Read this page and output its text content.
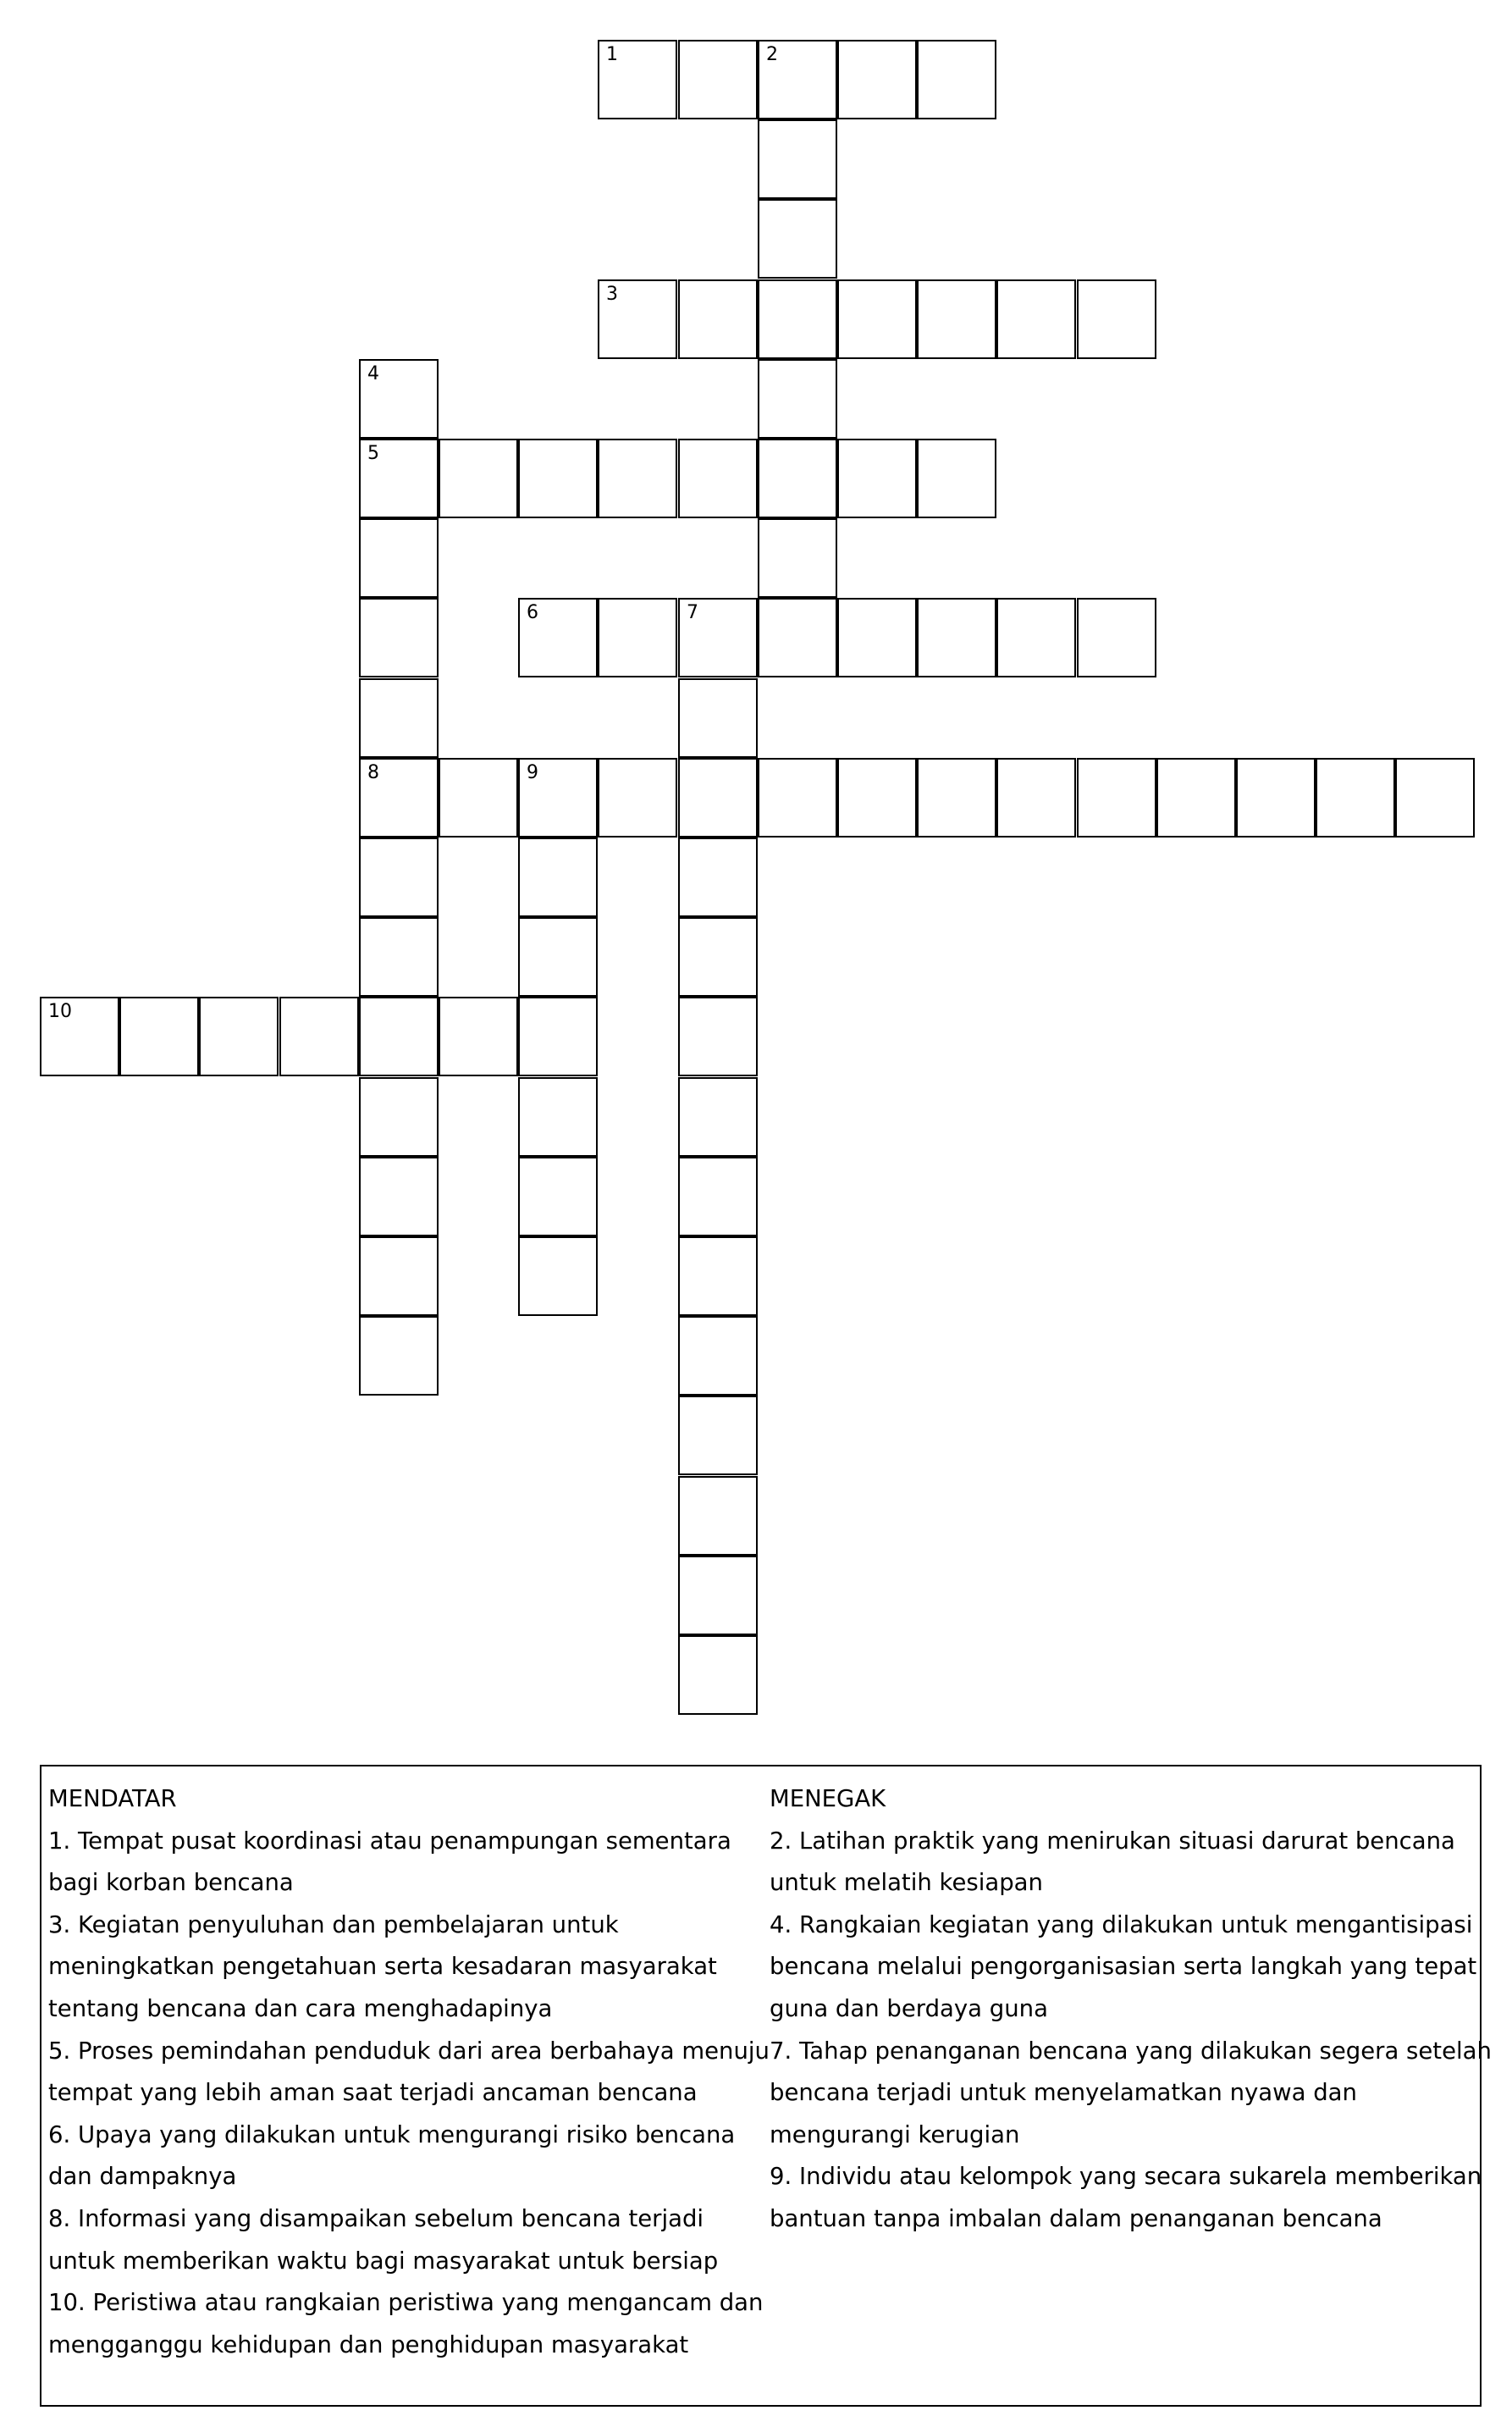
1	2
3
4
5
6	7
8	9
10
MENDATAR
1. Tempat pusat koordinasi atau penampungan sementara
bagi korban bencana
3. Kegiatan penyuluhan dan pembelajaran untuk
meningkatkan pengetahuan serta kesadaran masyarakat
tentang bencana dan cara menghadapinya
5. Proses pemindahan penduduk dari area berbahaya menuju
tempat yang lebih aman saat terjadi ancaman bencana
6. Upaya yang dilakukan untuk mengurangi risiko bencana
dan dampaknya
8. Informasi yang disampaikan sebelum bencana terjadi
untuk memberikan waktu bagi masyarakat untuk bersiap
10. Peristiwa atau rangkaian peristiwa yang mengancam dan
mengganggu kehidupan dan penghidupan masyarakat
MENEGAK
2. Latihan praktik yang menirukan situasi darurat bencana
untuk melatih kesiapan
4. Rangkaian kegiatan yang dilakukan untuk mengantisipasi
bencana melalui pengorganisasian serta langkah yang tepat
guna dan berdaya guna
7. Tahap penanganan bencana yang dilakukan segera setelah
bencana terjadi untuk menyelamatkan nyawa dan
mengurangi kerugian
9. Individu atau kelompok yang secara sukarela memberikan
bantuan tanpa imbalan dalam penanganan bencana
